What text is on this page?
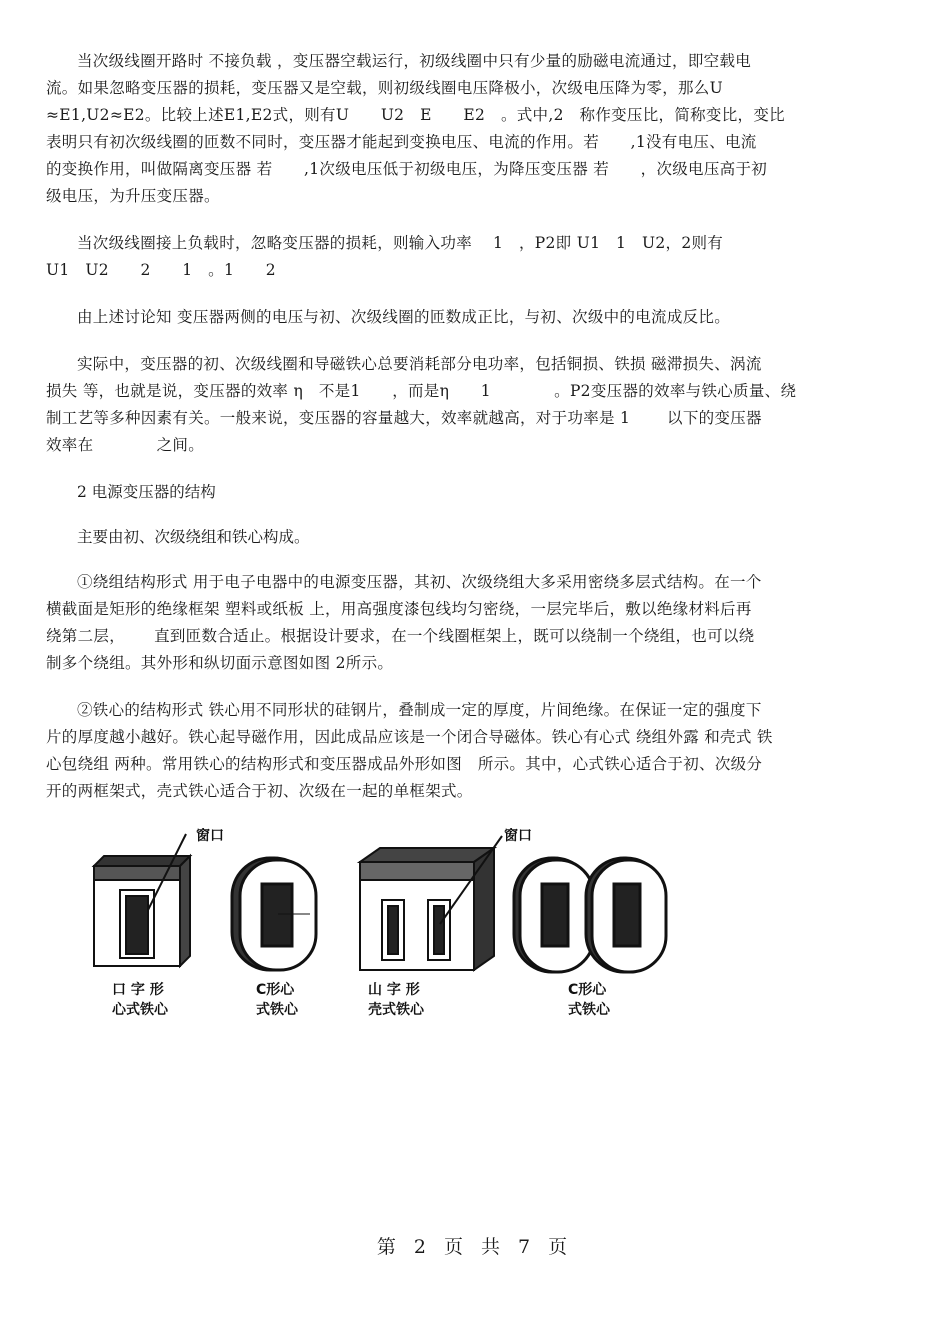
当次级线圈开路时 不接负载 ，变压器空载运行，初级线圈中只有少量的励磁电流通过，即空载电
流。如果忽略变压器的损耗，变压器又是空载，则初级线圈电压降极小，次级电压降为零，那么U
≈E1,U2≈E2。比较上述E1,E2式，则有U　　U2　E　　E2　。式中,2　称作变压比，简称变比，变比
表明只有初次级线圈的匝数不同时，变压器才能起到变换电压、电流的作用。若　　,1没有电压、电流
的变换作用，叫做隔离变压器 若　　,1次级电压低于初级电压，为降压变压器 若　　，次级电压高于初
级电压，为升压变压器。
当次级线圈接上负载时，忽略变压器的损耗，则输入功率　 1　，P2即 U1　1　U2，2则有
U1　U2　　2　　1　。1　　2
由上述讨论知 变压器两侧的电压与初、次级线圈的匝数成正比，与初、次级中的电流成反比。
实际中，变压器的初、次级线圈和导磁铁心总要消耗部分电功率，包括铜损、铁损 磁滞损失、涡流
损失 等，也就是说，变压器的效率 η　不是1　　，而是η　　1　　　　。P2变压器的效率与铁心质量、绕
制工艺等多种因素有关。一般来说，变压器的容量越大，效率就越高，对于功率是 1　　 以下的变压器
效率在　　　　之间。
2 电源变压器的结构
主要由初、次级绕组和铁心构成。
①绕组结构形式 用于电子电器中的电源变压器，其初、次级绕组大多采用密绕多层式结构。在一个
横截面是矩形的绝缘框架 塑料或纸板 上，用高强度漆包线均匀密绕，一层完毕后，敷以绝缘材料后再
绕第二层，　　 直到匝数合适止。根据设计要求，在一个线圈框架上，既可以绕制一个绕组，也可以绕
制多个绕组。其外形和纵切面示意图如图 2所示。
②铁心的结构形式 铁心用不同形状的硅钢片，叠制成一定的厚度，片间绝缘。在保证一定的强度下
片的厚度越小越好。铁心起导磁作用，因此成品应该是一个闭合导磁体。铁心有心式 绕组外露 和壳式 铁
心包绕组 两种。常用铁心的结构形式和变压器成品外形如图　所示。其中，心式铁心适合于初、次级分
开的两框架式，壳式铁心适合于初、次级在一起的单框架式。
窗口	窗口
口 字 形
心式铁心
C形心
式铁心
山 字 形
壳式铁心
C形心
式铁心
第 2 页 共 7 页
